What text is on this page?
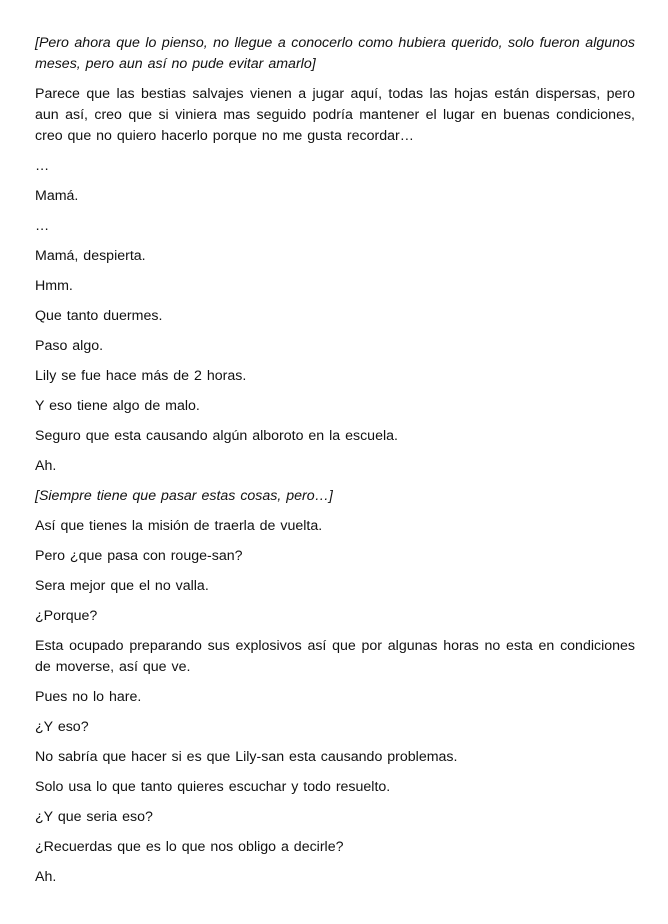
[Pero ahora que lo pienso, no llegue a conocerlo como hubiera querido, solo fueron algunos meses, pero aun así no pude evitar amarlo]

Parece que las bestias salvajes vienen a jugar aquí, todas las hojas están dispersas, pero aun así, creo que si viniera mas seguido podría mantener el lugar en buenas condiciones, creo que no quiero hacerlo porque no me gusta recordar…

…

Mamá.

…

Mamá, despierta.

Hmm.

Que tanto duermes.

Paso algo.

Lily se fue hace más de 2 horas.

Y eso tiene algo de malo.

Seguro que esta causando algún alboroto en la escuela.

Ah.

[Siempre tiene que pasar estas cosas, pero…]

Así que tienes la misión de traerla de vuelta.

Pero ¿que pasa con rouge-san?

Sera mejor que el no valla.

¿Porque?

Esta ocupado preparando sus explosivos así que por algunas horas no esta en condiciones de moverse, así que ve.

Pues no lo hare.

¿Y eso?

No sabría que hacer si es que Lily-san esta causando problemas.

Solo usa lo que tanto quieres escuchar y todo resuelto.

¿Y que seria eso?

¿Recuerdas que es lo que nos obligo a decirle?

Ah.
